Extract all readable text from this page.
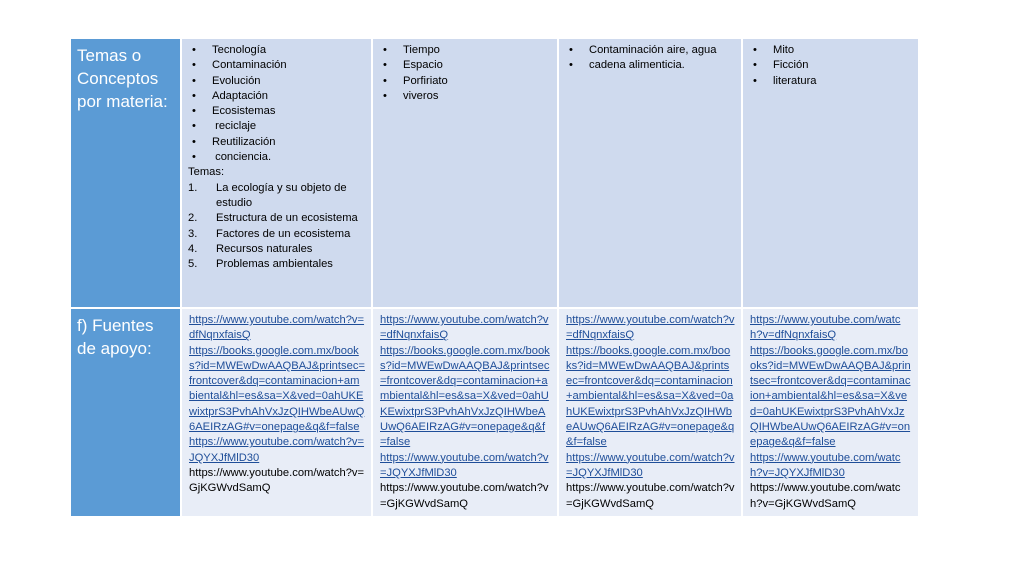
Temas o Conceptos por materia:
• Tecnología
• Contaminación
• Evolución
• Adaptación
• Ecosistemas
•  reciclaje
• Reutilización
•  conciencia.

Temas:

1. La ecología y su objeto de estudio
2. Estructura de un ecosistema
3. Factores de un ecosistema
4. Recursos naturales
5. Problemas ambientales
• Tiempo
• Espacio
• Porfiriato
• viveros
• Contaminación aire, agua
• cadena alimenticia.
• Mito
• Ficción
• literatura
f) Fuentes de apoyo:
https://www.youtube.com/watch?v=dfNqnxfaisQ
https://books.google.com.mx/books?id=MWEwDwAAQBAJ&printsec=frontcover&dq=contaminacion+ambiental&hl=es&sa=X&ved=0ahUKEwixtprS3PvhAhVxJzQIHWbeAUwQ6AEIRzAG#v=onepage&q&f=false
https://www.youtube.com/watch?v=JQYXJfMlD30
https://www.youtube.com/watch?v=GjKGWvdSamQ
https://www.youtube.com/watch?v=dfNqnxfaisQ
https://books.google.com.mx/books?id=MWEwDwAAQBAJ&printsec=frontcover&dq=contaminacion+ambiental&hl=es&sa=X&ved=0ahUKEwixtprS3PvhAhVxJzQIHWbeAUwQ6AEIRzAG#v=onepage&q&f=false
https://www.youtube.com/watch?v=JQYXJfMlD30
https://www.youtube.com/watch?v=GjKGWvdSamQ
https://www.youtube.com/watch?v=dfNqnxfaisQ
https://books.google.com.mx/books?id=MWEwDwAAQBAJ&printsec=frontcover&dq=contaminacion+ambiental&hl=es&sa=X&ved=0ahUKEwixtprS3PvhAhVxJzQIHWbeAUwQ6AEIRzAG#v=onepage&q&f=false
https://www.youtube.com/watch?v=JQYXJfMlD30
https://www.youtube.com/watch?v=GjKGWvdSamQ
https://www.youtube.com/watch?v=dfNqnxfaisQ
https://books.google.com.mx/books?id=MWEwDwAAQBAJ&printsec=frontcover&dq=contaminacion+ambiental&hl=es&sa=X&ved=0ahUKEwixtprS3PvhAhVxJzQIHWbeAUwQ6AEIRzAG#v=onepage&q&f=false
https://www.youtube.com/watch?v=JQYXJfMlD30
https://www.youtube.com/watch?v=GjKGWvdSamQ
